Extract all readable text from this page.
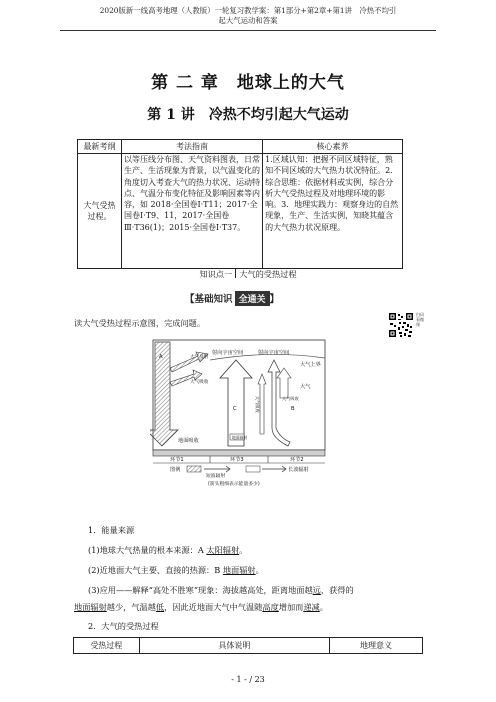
2020版新一线高考地理（人教版）一轮复习教学案：第1部分+第2章+第1讲　冷热不均引
起大气运动和答案
第 二 章　地球上的大气
第 1 讲　冷热不均引起大气运动
最新考纲	考法指南	核心素养
大气受热过程。	以等压线分布图、天气资料图表，日常生产、生活现象为背景，以气温变化的角度切入考查大气的热力状况、运动特点、气温分布变化特征及影响因素等内容，如 2018·全国卷Ⅰ·T11；2017·全国卷Ⅰ·T9、11，2017·全国卷Ⅲ·T36(1)；2015·全国卷Ⅰ·T37。	1.区域认知：把握不同区域特征，熟知不同区域的大气热力状况特征。2．综合思维：依据材料或实例，综合分析大气受热过程及对地理环境的影响。3．地理实践力：观察身边的自然现象，生产、生活实例，知晓其蕴含的大气热力状况原理。
知识点一 大气的受热过程
【 基础知识 全通关 】
读大气受热过程示意图，完成问题。
扫码看微课
A
B
C
射向宇宙空间	射向宇宙空间
大气上界
大气反射
大气吸收
大气吸收	大气吸收
大气
地面吸收
地面辐射
环节1	环节3	环节2
图例
短波辐射
长波辐射
(箭头粗细表示能量多少)
1．能量来源
(1)地球大气热量的根本来源：A 太阳辐射。
(2)近地面大气主要、直接的热源：B 地面辐射。
(3)应用——解释“高处不胜寒”现象：海拔越高处，距离地面越远，获得的
地面辐射越少，气温越低，因此近地面大气中气温随高度增加而递减。
2．大气的受热过程
受热过程	具体说明	地理意义
- 1 - / 23
